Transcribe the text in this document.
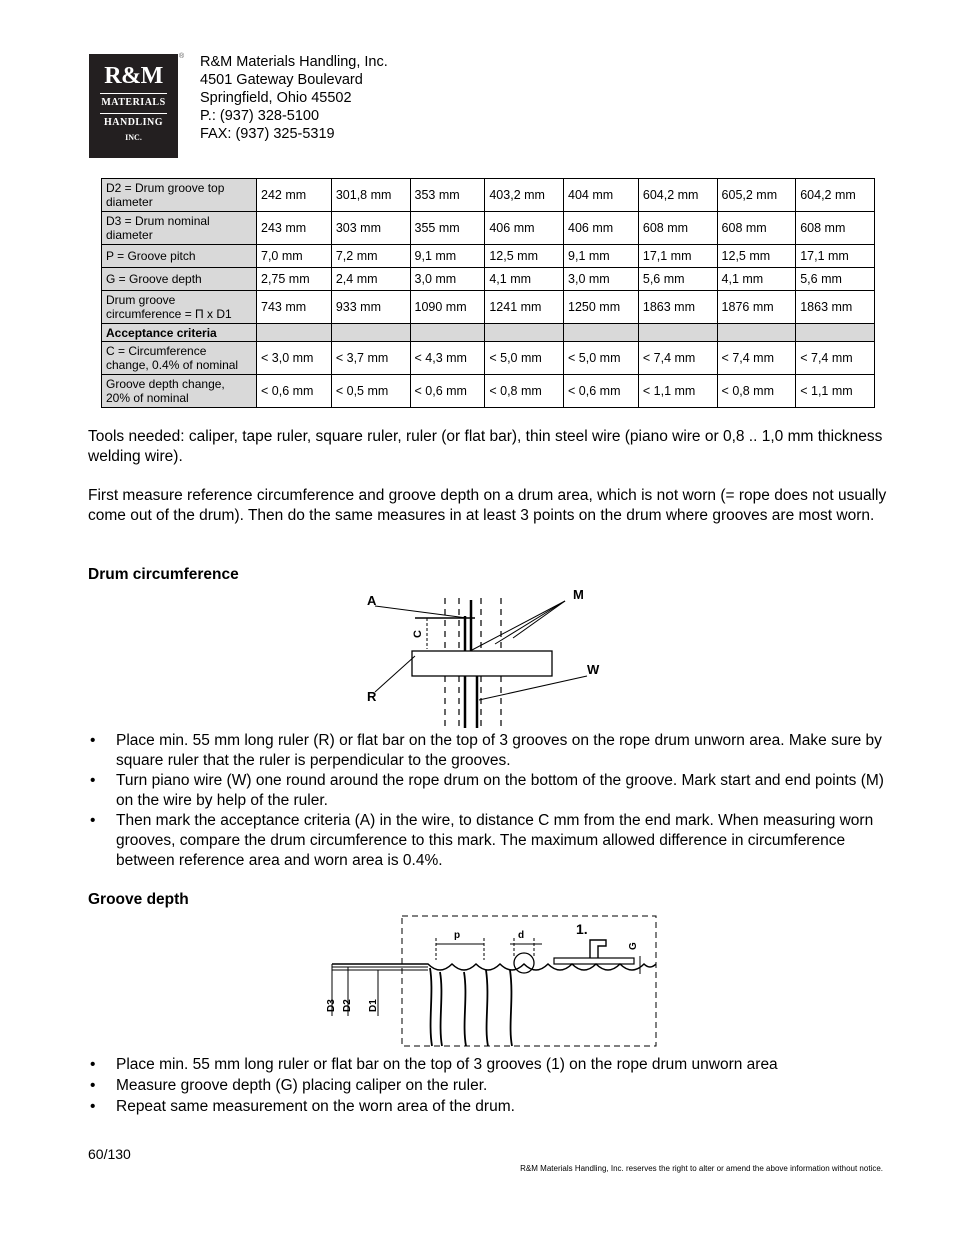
R&M
MATERIALS
HANDLING
INC.
® R&M Materials Handling, Inc.
4501 Gateway Boulevard
Springfield, Ohio 45502
P.: (937) 328-5100
FAX: (937) 325-5319
D2 = Drum groove top diameter	242 mm	301,8 mm	353 mm	403,2 mm	404 mm	604,2 mm	605,2 mm	604,2 mm
D3 = Drum nominal diameter	243 mm	303 mm	355 mm	406 mm	406 mm	608 mm	608 mm	608 mm
P = Groove pitch	7,0 mm	7,2 mm	9,1 mm	12,5 mm	9,1 mm	17,1 mm	12,5 mm	17,1 mm
G = Groove depth	2,75 mm	2,4 mm	3,0 mm	4,1 mm	3,0 mm	5,6 mm	4,1 mm	5,6 mm
Drum groove circumference = Π x D1	743 mm	933 mm	1090 mm	1241 mm	1250 mm	1863 mm	1876 mm	1863 mm
Acceptance criteria								
C = Circumference change, 0.4% of nominal	< 3,0 mm	< 3,7 mm	< 4,3 mm	< 5,0 mm	< 5,0 mm	< 7,4 mm	< 7,4 mm	< 7,4 mm
Groove depth change, 20% of nominal	< 0,6 mm	< 0,5 mm	< 0,6 mm	< 0,8 mm	< 0,6 mm	< 1,1 mm	< 0,8 mm	< 1,1 mm

Tools needed: caliper, tape ruler, square ruler, ruler (or flat bar), thin steel wire (piano wire or 0,8 .. 1,0 mm thickness welding wire).

First measure reference circumference and groove depth on a drum area, which is not worn (= rope does not usually come out of the drum). Then do the same measures in at least 3 points on the drum where grooves are most worn.

Drum circumference
A	M
C
W
R
• Place min. 55 mm long ruler (R) or flat bar on the top of 3 grooves on the rope drum unworn area. Make sure by square ruler that the ruler is perpendicular to the grooves.
• Turn piano wire (W) one round around the rope drum on the bottom of the groove. Mark start and end points (M) on the wire by help of the ruler.
• Then mark the acceptance criteria (A) in the wire, to distance C mm from the end mark. When measuring worn grooves, compare the drum circumference to this mark. The maximum allowed difference in circumference between reference area and worn area is 0.4%.
Groove depth
p	d	1.
G
D3 D2 D1
• Place min. 55 mm long ruler or flat bar on the top of 3 grooves (1) on the rope drum unworn area
• Measure groove depth (G) placing caliper on the ruler.
• Repeat same measurement on the worn area of the drum.
60/130
R&M Materials Handling, Inc. reserves the right to alter or amend the above information without notice.
